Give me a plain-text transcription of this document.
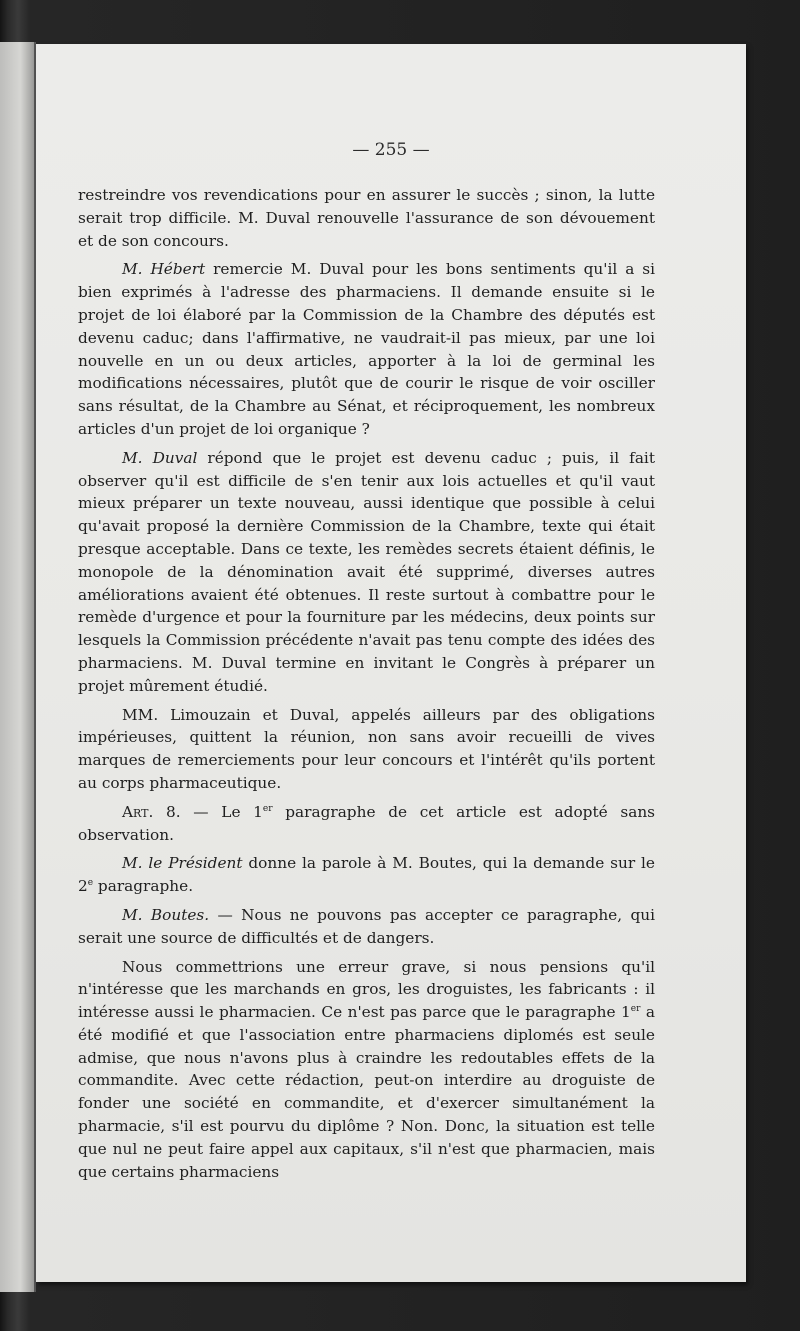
— 255 —

restreindre vos revendications pour en assurer le succès ; sinon, la lutte serait trop difficile. M. Duval renouvelle l'assurance de son dévouement et de son concours.

M. Hébert remercie M. Duval pour les bons sentiments qu'il a si bien exprimés à l'adresse des pharmaciens. Il demande ensuite si le projet de loi élaboré par la Commission de la Chambre des députés est devenu caduc; dans l'affirmative, ne vaudrait-il pas mieux, par une loi nouvelle en un ou deux articles, apporter à la loi de germinal les modifications nécessaires, plutôt que de courir le risque de voir osciller sans résultat, de la Chambre au Sénat, et réciproquement, les nombreux articles d'un projet de loi organique ?

M. Duval répond que le projet est devenu caduc ; puis, il fait observer qu'il est difficile de s'en tenir aux lois actuelles et qu'il vaut mieux préparer un texte nouveau, aussi identique que possible à celui qu'avait proposé la dernière Commission de la Chambre, texte qui était presque acceptable. Dans ce texte, les remèdes secrets étaient définis, le monopole de la dénomination avait été supprimé, diverses autres améliorations avaient été obtenues. Il reste surtout à combattre pour le remède d'urgence et pour la fourniture par les médecins, deux points sur lesquels la Commission précédente n'avait pas tenu compte des idées des pharmaciens. M. Duval termine en invitant le Congrès à préparer un projet mûrement étudié.

MM. Limouzain et Duval, appelés ailleurs par des obligations impérieuses, quittent la réunion, non sans avoir recueilli de vives marques de remerciements pour leur concours et l'intérêt qu'ils portent au corps pharmaceutique.

Art. 8. — Le 1er paragraphe de cet article est adopté sans observation.

M. le Président donne la parole à M. Boutes, qui la demande sur le 2e paragraphe.

M. Boutes. — Nous ne pouvons pas accepter ce paragraphe, qui serait une source de difficultés et de dangers.

Nous commettrions une erreur grave, si nous pensions qu'il n'intéresse que les marchands en gros, les droguistes, les fabricants : il intéresse aussi le pharmacien. Ce n'est pas parce que le paragraphe 1er a été modifié et que l'association entre pharmaciens diplomés est seule admise, que nous n'avons plus à craindre les redoutables effets de la commandite. Avec cette rédaction, peut-on interdire au droguiste de fonder une société en commandite, et d'exercer simultanément la pharmacie, s'il est pourvu du diplôme ? Non. Donc, la situation est telle que nul ne peut faire appel aux capitaux, s'il n'est que pharmacien, mais que certains pharmaciens
